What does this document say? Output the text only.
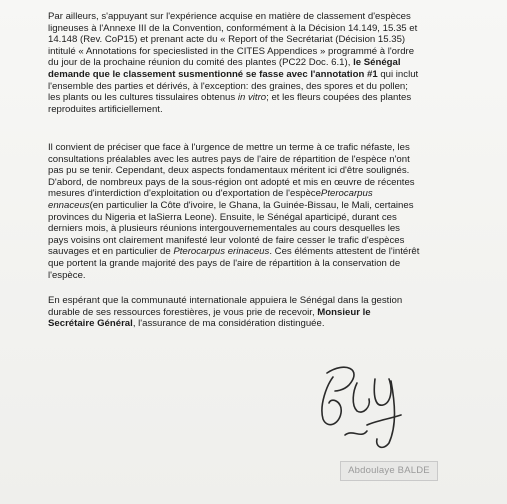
Par ailleurs, s'appuyant sur l'expérience acquise en matière de classement d'espèces
ligneuses à l'Annexe III de la Convention, conformément à la Décision 14.149, 15.35 et
14.148 (Rev. CoP15) et prenant acte du « Report of the Secrétariat (Décision 15.35)
intitulé « Annotations for specieslisted in the CITES Appendices » programmé à l'ordre
du jour de la prochaine réunion du comité des plantes (PC22 Doc. 6.1), le Sénégal
demande que le classement susmentionné se fasse avec l'annotation #1 qui inclut
l'ensemble des parties et dérivés, à l'exception: des graines, des spores et du pollen;
les plants ou les cultures tissulaires obtenus in vitro; et les fleurs coupées des plantes
reproduites artificiellement.

Il convient de préciser que face à l'urgence de mettre un terme à ce trafic néfaste, les
consultations préalables avec les autres pays de l'aire de répartition de l'espèce n'ont
pas pu se tenir. Cependant, deux aspects fondamentaux méritent ici d'être soulignés.
D'abord, de nombreux pays de la sous-région ont adopté et mis en œuvre de récentes
mesures d'interdiction d'exploitation ou d'exportation de l'espècePterocarpus
ennaceus(en particulier la Côte d'ivoire, le Ghana, la Guinée-Bissau, le Mali, certaines
provinces du Nigeria et laSierra Leone). Ensuite, le Sénégal aparticipé, durant ces
derniers mois, à plusieurs réunions intergouvernementales au cours desquelles les
pays voisins ont clairement manifesté leur volonté de faire cesser le trafic d'espèces
sauvages et en particulier de Pterocarpus erinaceus. Ces éléments attestent de l'intérêt
que portent la grande majorité des pays de l'aire de répartition à la conservation de
l'espèce.

En espérant que la communauté internationale appuiera le Sénégal dans la gestion
durable de ses ressources forestières, je vous prie de recevoir, Monsieur le
Secrétaire Général, l'assurance de ma considération distinguée.

Abdoulaye BALDE
